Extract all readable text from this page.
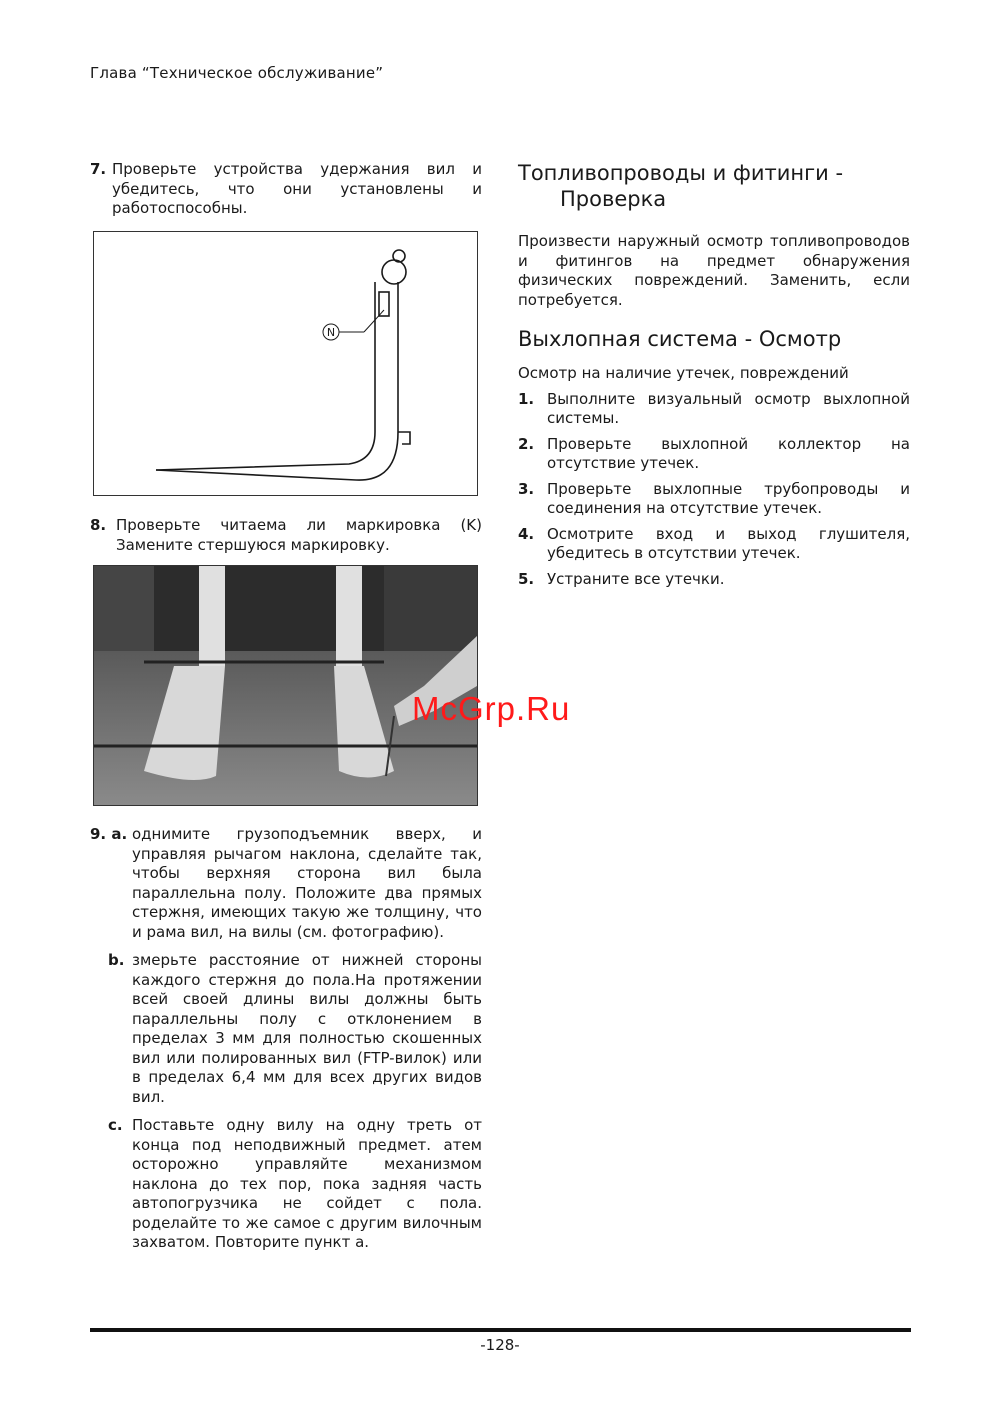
Глава “Техническое обслуживание”
7. Проверьте устройства удержания вил и убедитесь, что они установлены и работоспособны.
N
8. Проверьте читаема ли маркировка (K) Замените стершуюся маркировку.
9. a. однимите грузоподъемник вверх, и управляя рычагом наклона, сделайте так, чтобы верхняя сторона вил была параллельна полу. Положите два прямых стержня, имеющих такую же толщину, что и рама вил, на вилы (см. фотографию).
b. змерьте расстояние от нижней стороны каждого стержня до пола.На протяжении всей своей длины вилы должны быть параллельны полу с отклонением в пределах 3 мм для полностью скошенных вил или полированных вил (FTP-вилок) или в пределах 6,4 мм для всех других видов вил.
c. Поставьте одну вилу на одну треть от конца под неподвижный предмет. атем осторожно управляйте механизмом наклона до тех пор, пока задняя часть автопогрузчика не сойдет с пола. роделайте то же самое с другим вилочным захватом. Повторите пункт a.
Топливопроводы и фитинги -
Проверка
Произвести наружный осмотр топливопроводов и фитингов на предмет обнаружения физических повреждений. Заменить, если потребуется.
Выхлопная система - Осмотр
Осмотр на наличие утечек, повреждений
1. Выполните визуальный осмотр выхлопной системы.
2. Проверьте выхлопной коллектор на отсутствие утечек.
3. Проверьте выхлопные трубопроводы и соединения на отсутствие утечек.
4. Осмотрите вход и выход глушителя, убедитесь в отсутствии утечек.
5. Устраните все утечки.
McGrp.Ru
-128-
